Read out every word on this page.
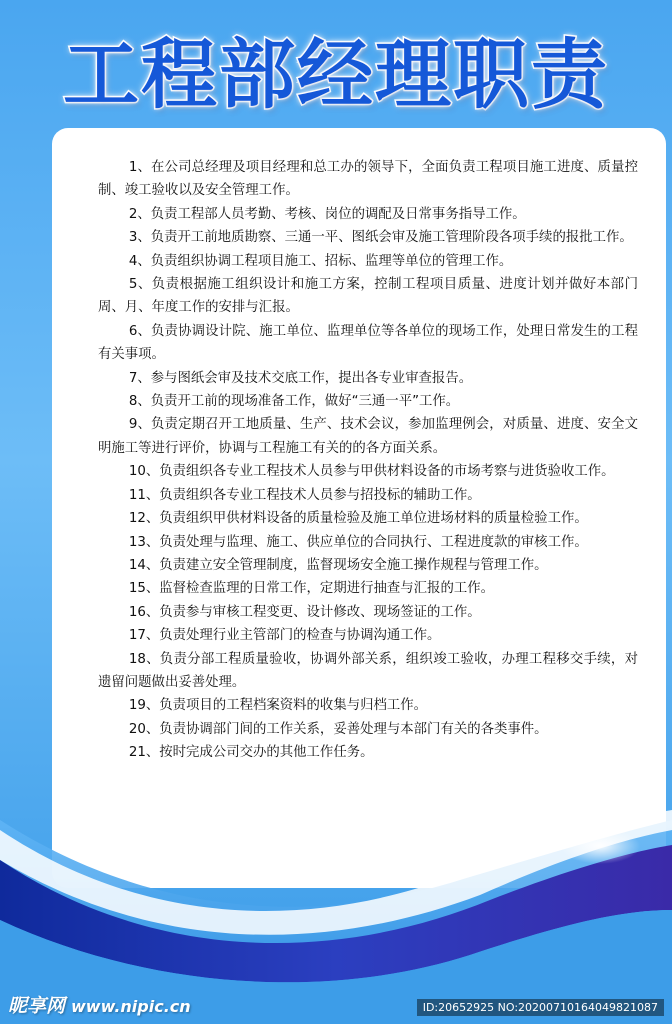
工程部经理职责
1、在公司总经理及项目经理和总工办的领导下，全面负责工程项目施工进度、质量控制、竣工验收以及安全管理工作。
2、负责工程部人员考勤、考核、岗位的调配及日常事务指导工作。
3、负责开工前地质勘察、三通一平、图纸会审及施工管理阶段各项手续的报批工作。
4、负责组织协调工程项目施工、招标、监理等单位的管理工作。
5、负责根据施工组织设计和施工方案，控制工程项目质量、进度计划并做好本部门周、月、年度工作的安排与汇报。
6、负责协调设计院、施工单位、监理单位等各单位的现场工作，处理日常发生的工程有关事项。
7、参与图纸会审及技术交底工作，提出各专业审查报告。
8、负责开工前的现场准备工作，做好“三通一平”工作。
9、负责定期召开工地质量、生产、技术会议，参加监理例会，对质量、进度、安全文明施工等进行评价，协调与工程施工有关的的各方面关系。
10、负责组织各专业工程技术人员参与甲供材料设备的市场考察与进货验收工作。
11、负责组织各专业工程技术人员参与招投标的辅助工作。
12、负责组织甲供材料设备的质量检验及施工单位进场材料的质量检验工作。
13、负责处理与监理、施工、供应单位的合同执行、工程进度款的审核工作。
14、负责建立安全管理制度，监督现场安全施工操作规程与管理工作。
15、监督检查监理的日常工作，定期进行抽查与汇报的工作。
16、负责参与审核工程变更、设计修改、现场签证的工作。
17、负责处理行业主管部门的检查与协调沟通工作。
18、负责分部工程质量验收，协调外部关系，组织竣工验收，办理工程移交手续，对遗留问题做出妥善处理。
19、负责项目的工程档案资料的收集与归档工作。
20、负责协调部门间的工作关系，妥善处理与本部门有关的各类事件。
21、按时完成公司交办的其他工作任务。
昵享网 www.nipic.cn	ID:20652925 NO:20200710164049821087
